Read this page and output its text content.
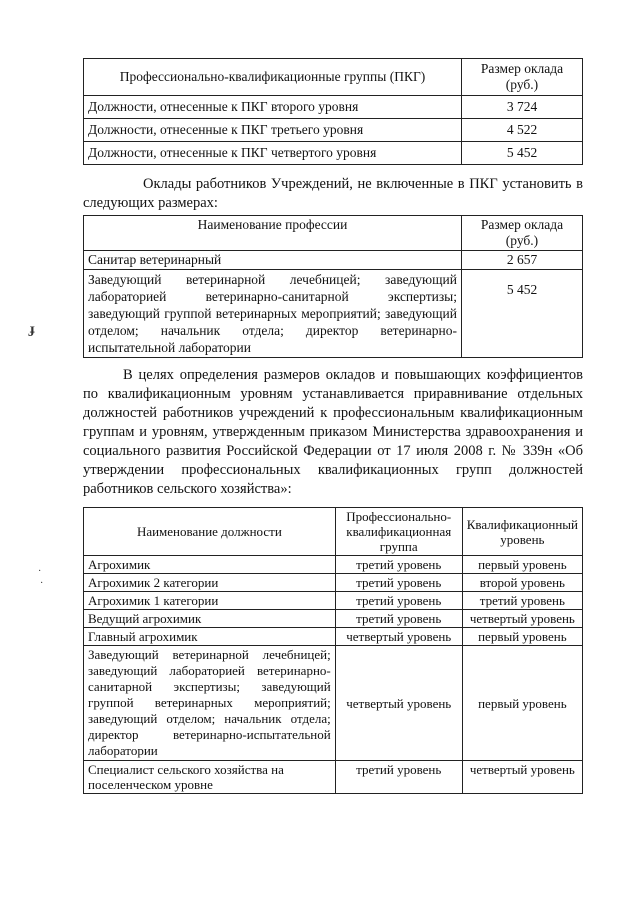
Профессионально-квалификационные группы (ПКГ)	Размер оклада (руб.)
Должности, отнесенные к ПКГ второго уровня	3 724
Должности, отнесенные к ПКГ третьего уровня	4 522
Должности, отнесенные к ПКГ четвертого уровня	5 452
Оклады работников Учреждений, не включенные в ПКГ установить в следующих размерах:
Наименование профессии	Размер оклада (руб.)
Санитар ветеринарный	2 657
Заведующий ветеринарной лечебницей; заведующий лабораторией ветеринарно-санитарной экспертизы; заведующий группой ветеринарных мероприятий; заведующий отделом; начальник отдела; директор ветеринарно-испытательной лаборатории	5 452
В целях определения размеров окладов и повышающих коэффициентов по квалификационным уровням устанавливается приравнивание отдельных должностей работников учреждений к профессиональным квалификационным группам и уровням, утвержденным приказом Министерства здравоохранения и социального развития Российской Федерации от 17 июля 2008 г. № 339н «Об утверждении профессиональных квалификационных групп должностей работников сельского хозяйства»:
Наименование должности	Профессионально-квалификационная группа	Квалификационный уровень
Агрохимик	третий уровень	первый уровень
Агрохимик 2 категории	третий уровень	второй уровень
Агрохимик 1 категории	третий уровень	третий уровень
Ведущий агрохимик	третий уровень	четвертый уровень
Главный агрохимик	четвертый уровень	первый уровень
Заведующий ветеринарной лечебницей; заведующий лабораторией ветеринарно-санитарной экспертизы; заведующий группой ветеринарных мероприятий; заведующий отделом; начальник отдела; директор ветеринарно-испытательной лаборатории	четвертый уровень	первый уровень
Специалист сельского хозяйства на поселенческом уровне	третий уровень	четвертый уровень
ɟ
·
·
